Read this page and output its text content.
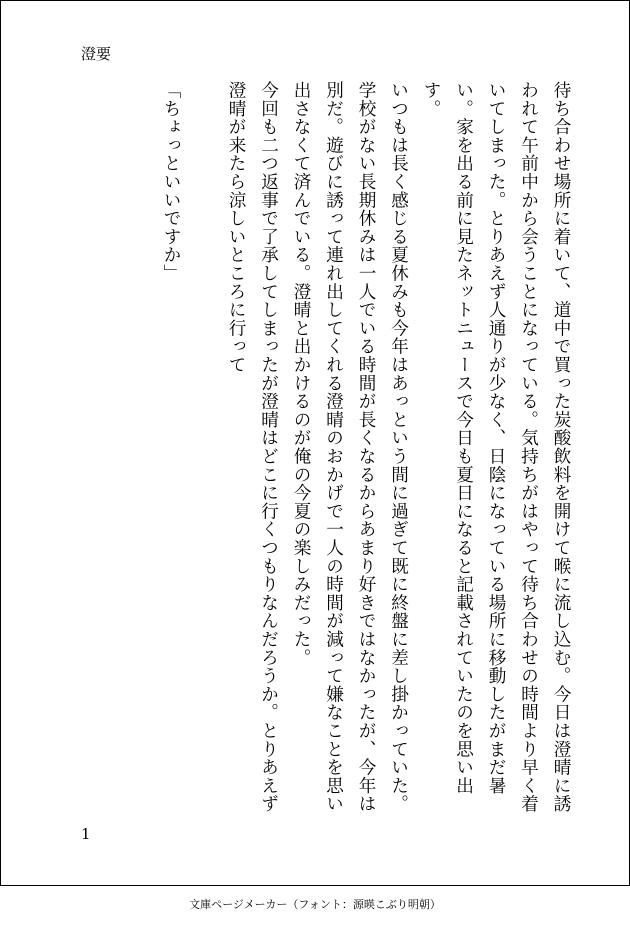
澄要

待ち合わせ場所に着いて、道中で買った炭酸飲料を開けて喉に流し込む。今日は澄晴に誘われて午前中から会うことになっている。気持ちがはやって待ち合わせの時間より早く着いてしまった。とりあえず人通りが少なく、日陰になっている場所に移動したがまだ暑い。家を出る前に見たネットニュースで今日も夏日になると記載されていたのを思い出す。

いつもは長く感じる夏休みも今年はあっという間に過ぎて既に終盤に差し掛かっていた。学校がない長期休みは一人でいる時間が長くなるからあまり好きではなかったが、今年は別だ。遊びに誘って連れ出してくれる澄晴のおかげで一人の時間が減って嫌なことを思い出さなくて済んでいる。澄晴と出かけるのが俺の今夏の楽しみだった。

今回も二つ返事で了承してしまったが澄晴はどこに行くつもりなんだろうか。とりあえず澄晴が来たら涼しいところに行って

「ちょっといいですか」

1
文庫ページメーカー（フォント：源暎こぶり明朝）
